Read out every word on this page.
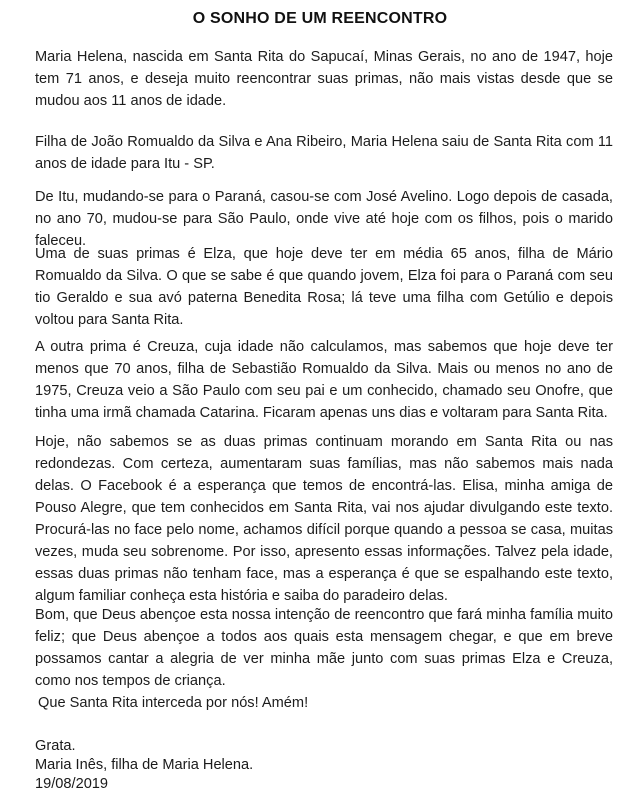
O SONHO DE UM REENCONTRO

Maria Helena, nascida em Santa Rita do Sapucaí, Minas Gerais, no ano de 1947, hoje tem 71 anos, e deseja muito reencontrar suas primas, não mais vistas desde que se mudou aos 11 anos de idade.

Filha de João Romualdo da Silva e Ana Ribeiro, Maria Helena saiu de Santa Rita com 11 anos de idade para Itu - SP.

De Itu, mudando-se para o Paraná, casou-se com José Avelino. Logo depois de casada, no ano 70, mudou-se para São Paulo, onde vive até hoje com os filhos, pois o marido faleceu.

Uma de suas primas é Elza, que hoje deve ter em média 65 anos, filha de Mário Romualdo da Silva. O que se sabe é que quando jovem, Elza foi para o Paraná com seu tio Geraldo e sua avó paterna Benedita Rosa; lá teve uma filha com Getúlio e depois voltou para Santa Rita.

A outra prima é Creuza, cuja idade não calculamos, mas sabemos que hoje deve ter menos que 70 anos, filha de Sebastião Romualdo da Silva. Mais ou menos no ano de 1975, Creuza veio a São Paulo com seu pai e um conhecido, chamado seu Onofre, que tinha uma irmã chamada Catarina. Ficaram apenas uns dias e voltaram para Santa Rita.

Hoje, não sabemos se as duas primas continuam morando em Santa Rita ou nas redondezas. Com certeza, aumentaram suas famílias, mas não sabemos mais nada delas. O Facebook é a esperança que temos de encontrá-las. Elisa, minha amiga de Pouso Alegre, que tem conhecidos em Santa Rita, vai nos ajudar divulgando este texto. Procurá-las no face pelo nome, achamos difícil porque quando a pessoa se casa, muitas vezes, muda seu sobrenome. Por isso, apresento essas informações. Talvez pela idade, essas duas primas não tenham face, mas a esperança é que se espalhando este texto, algum familiar conheça esta história e saiba do paradeiro delas.

Bom, que Deus abençoe esta nossa intenção de reencontro que fará minha família muito feliz; que Deus abençoe a todos aos quais esta mensagem chegar, e que em breve possamos cantar a alegria de ver minha mãe junto com suas primas Elza e Creuza, como nos tempos de criança.

Que Santa Rita interceda por nós! Amém!

Grata.
Maria Inês, filha de Maria Helena.
19/08/2019
